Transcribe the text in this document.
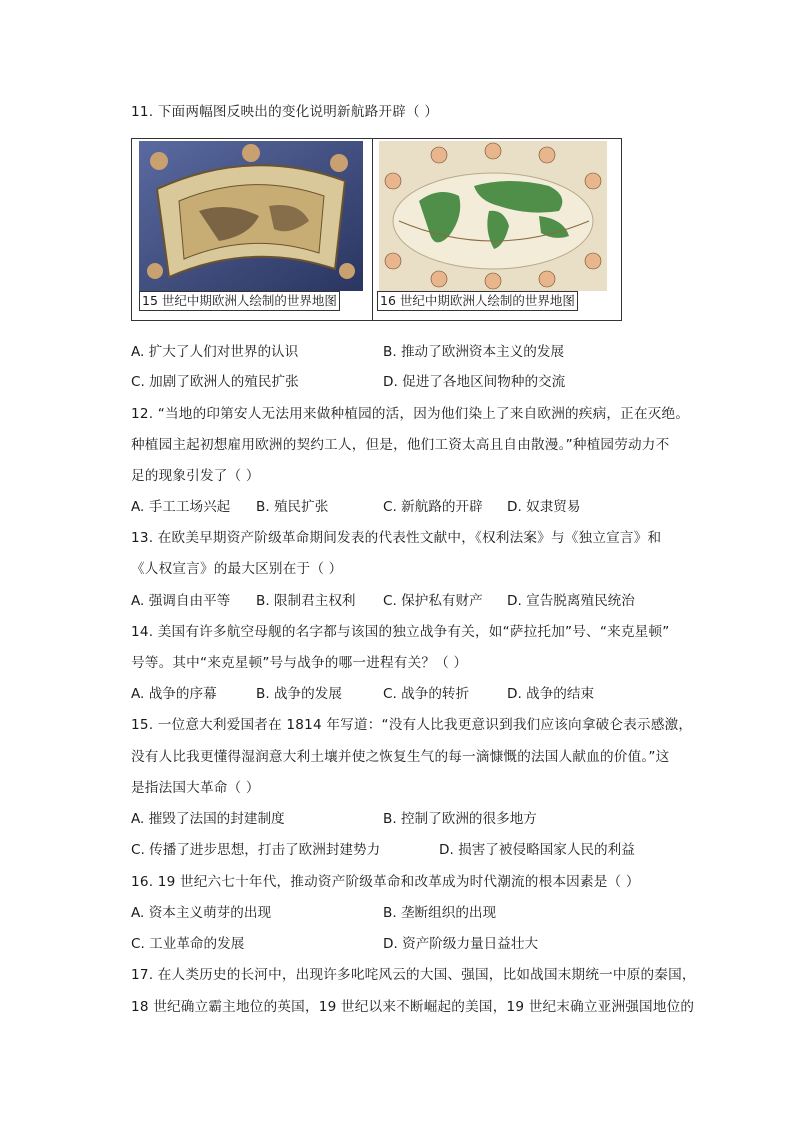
11. 下面两幅图反映出的变化说明新航路开辟（ ）
15 世纪中期欧洲人绘制的世界地图	16 世纪中期欧洲人绘制的世界地图
A. 扩大了人们对世界的认识	B. 推动了欧洲资本主义的发展
C. 加剧了欧洲人的殖民扩张	D. 促进了各地区间物种的交流
12. “当地的印第安人无法用来做种植园的活，因为他们染上了来自欧洲的疾病，正在灭绝。
种植园主起初想雇用欧洲的契约工人，但是，他们工资太高且自由散漫。”种植园劳动力不
足的现象引发了（ ）
A. 手工工场兴起 B. 殖民扩张	C. 新航路的开辟 D. 奴隶贸易
13. 在欧美早期资产阶级革命期间发表的代表性文献中，《权利法案》与《独立宣言》和
《人权宣言》的最大区别在于（ ）
A. 强调自由平等 B. 限制君主权利 C. 保护私有财产 D. 宣告脱离殖民统治
14. 美国有许多航空母舰的名字都与该国的独立战争有关，如“萨拉托加”号、“来克星顿”
号等。其中“来克星顿”号与战争的哪一进程有关？（ ）
A. 战争的序幕	B. 战争的发展	C. 战争的转折	D. 战争的结束
15. 一位意大利爱国者在 1814 年写道：“没有人比我更意识到我们应该向拿破仑表示感激，
没有人比我更懂得湿润意大利土壤并使之恢复生气的每一滴慷慨的法国人献血的价值。”这
是指法国大革命（ ）
A. 摧毁了法国的封建制度	B. 控制了欧洲的很多地方
C. 传播了进步思想，打击了欧洲封建势力	D. 损害了被侵略国家人民的利益
16. 19 世纪六七十年代，推动资产阶级革命和改革成为时代潮流的根本因素是（ ）
A. 资本主义萌芽的出现	B. 垄断组织的出现
C. 工业革命的发展	D. 资产阶级力量日益壮大
17. 在人类历史的长河中，出现许多叱咤风云的大国、强国，比如战国末期统一中原的秦国，
18 世纪确立霸主地位的英国，19 世纪以来不断崛起的美国，19 世纪末确立亚洲强国地位的
